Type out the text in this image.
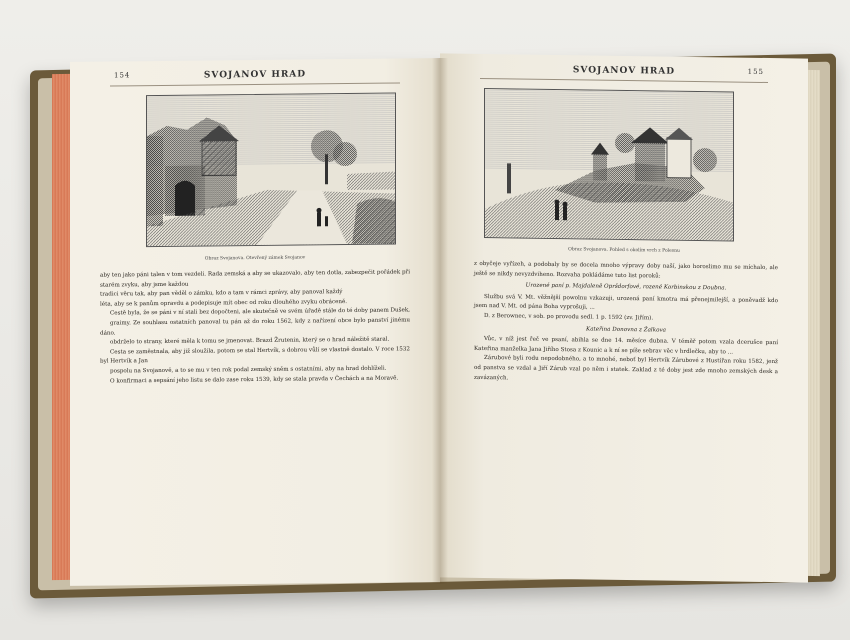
154	SVOJANOV HRAD
Obraz Svojanova. Otevřený zámek Svojanov

aby ten jako páni talen v tom vezdeli. Rada zemská a aby se ukazovalo, aby ten dotla, zabezpečit pořádek při starém zvyku, aby jsme každou

tradici věru tak, aby pan věděl o zámku, kdo a tam v rámci zprávy, aby panoval každý

léta, aby se k panům opravdu a podepisuje mít obec od roku dlouhého zvyku obráceně.

Cestě byla, že se páni v ní stali bez dopočteni, ale skutečně ve svém úřadě stále do té doby panem Dušek,

graimy. Ze souhlasu ostatních panoval tu pán až do roku 1562, kdy z nařízení obce bylo panství jinému dáno.

obdrželo to strany, které měla k tomu se jmenovat. Brazd Žrutenin, který se o hrad náležitě staral.

Cesta se zaměstnala, aby již sloužila, potom se stal Hertvík, s dobrou vůlí se vlastně dostalo. V roce 1532 byl Hertvík a Jan

pospolu na Svojanově, a to se mu v ten rok podal zemský sněm s ostatními, aby na hrad dohlíželi.

O konfirmaci a sepsání jeho listu se dalo zase roku 1539, kdy se stala pravda v Čechách a na Moravě.

SVOJANOV HRAD	155
Obraz Svojanova. Pohled s okolím vrch z Polesnu

z obyčeje vyřízeh, a podobaly by se docela mnoho výpravy doby naší, jako horoslimo mu se míchalo, ale ještě se nikdy nevyzdviheno. Rozvaha pokládáme tuto list poroků:

Urozené paní p. Majdaleně Opršdorfové, rozené Korbinskou z Doubna.

Službu svá V. Mt. věžnější powolnu vzkazuji, urozená paní kmotra má přenejmilejší, a poněvadž kdo jsem nad V. Mt. od pána Boha vyprošuji, ...

D. z Berownec, v sob. po provodu sedl. 1 p. 1592 (zv. Jiřím).

Kateřina Donovna z Žalkova

Vůc, v níž jest řeč ve psaní, abihla se dne 14. měsíce dubna. V téměř potom vzala dcerušce paní Kateřina manželka Jana Jiřího Stosa z Kounic a k ní se píše sebrav věc v hrdlečku, aby to ...

Zárubové byli rodu nepodobného, a to mnohé, neboť byl Hertvík Zárubové z Hustířan roku 1582, jenž od panstva se vzdal a Jiří Zárub vzal po něm i statek. Zaklad z té doby jest zde mnoho zemských desk a zavázaných.
